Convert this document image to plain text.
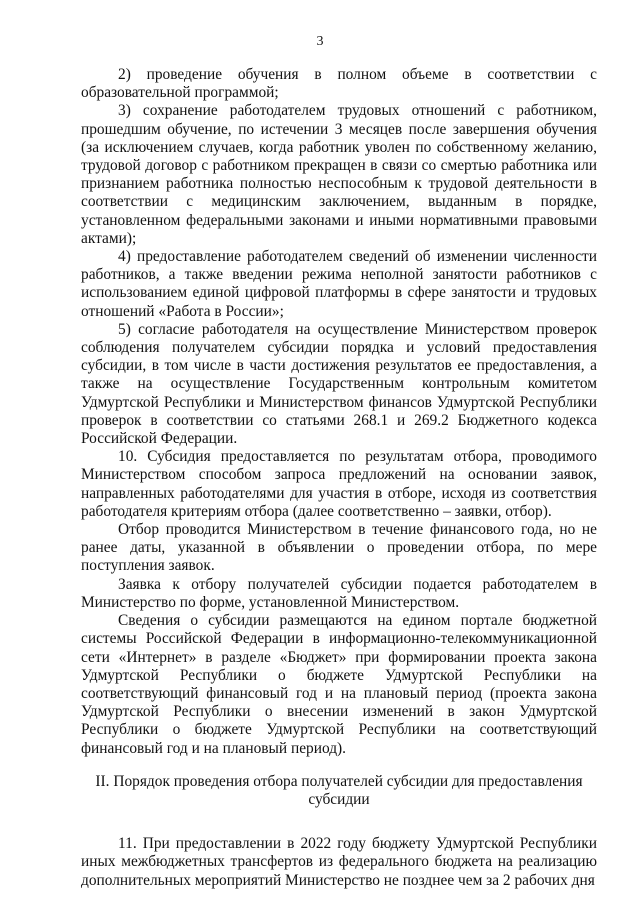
3

2) проведение обучения в полном объеме в соответствии с образовательной программой;

3) сохранение работодателем трудовых отношений с работником, прошедшим обучение, по истечении 3 месяцев после завершения обучения (за исключением случаев, когда работник уволен по собственному желанию, трудовой договор с работником прекращен в связи со смертью работника или признанием работника полностью неспособным к трудовой деятельности в соответствии с медицинским заключением, выданным в порядке, установленном федеральными законами и иными нормативными правовыми актами);

4) предоставление работодателем сведений об изменении численности работников, а также введении режима неполной занятости работников с использованием единой цифровой платформы в сфере занятости и трудовых отношений «Работа в России»;

5) согласие работодателя на осуществление Министерством проверок соблюдения получателем субсидии порядка и условий предоставления субсидии, в том числе в части достижения результатов ее предоставления, а также на осуществление Государственным контрольным комитетом Удмуртской Республики и Министерством финансов Удмуртской Республики проверок в соответствии со статьями 268.1 и 269.2 Бюджетного кодекса Российской Федерации.

10. Субсидия предоставляется по результатам отбора, проводимого Министерством способом запроса предложений на основании заявок, направленных работодателями для участия в отборе, исходя из соответствия работодателя критериям отбора (далее соответственно – заявки, отбор).

Отбор проводится Министерством в течение финансового года, но не ранее даты, указанной в объявлении о проведении отбора, по мере поступления заявок.

Заявка к отбору получателей субсидии подается работодателем в Министерство по форме, установленной Министерством.

Сведения о субсидии размещаются на едином портале бюджетной системы Российской Федерации в информационно-телекоммуникационной сети «Интернет» в разделе «Бюджет» при формировании проекта закона Удмуртской Республики о бюджете Удмуртской Республики на соответствующий финансовый год и на плановый период (проекта закона Удмуртской Республики о внесении изменений в закон Удмуртской Республики о бюджете Удмуртской Республики на соответствующий финансовый год и на плановый период).

II. Порядок проведения отбора получателей субсидии для предоставления субсидии

11. При предоставлении в 2022 году бюджету Удмуртской Республики иных межбюджетных трансфертов из федерального бюджета на реализацию дополнительных мероприятий Министерство не позднее чем за 2 рабочих дня
